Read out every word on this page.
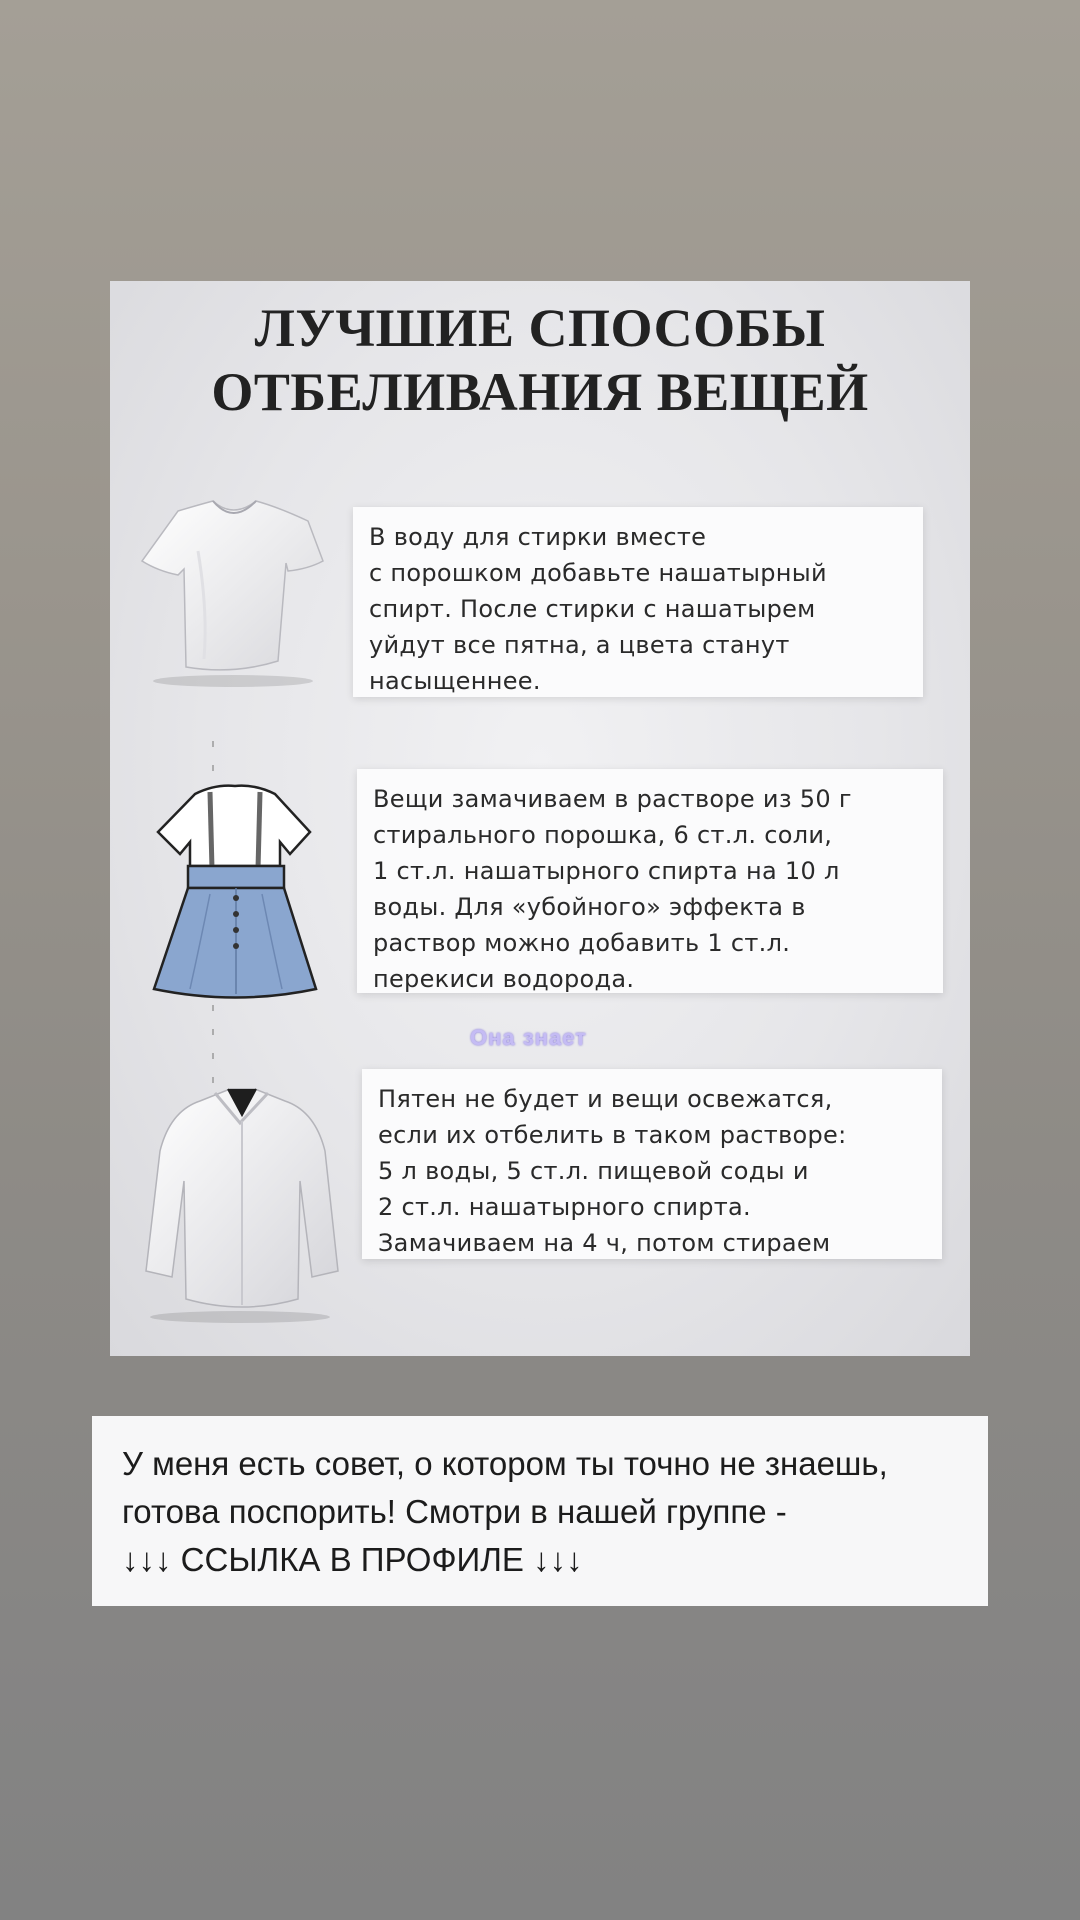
ЛУЧШИЕ СПОСОБЫ
ОТБЕЛИВАНИЯ ВЕЩЕЙ
В воду для стирки вместе
с порошком добавьте нашатырный
спирт. После стирки с нашатырем
уйдут все пятна, а цвета станут
насыщеннее.
Вещи замачиваем в растворе из 50 г
стирального порошка, 6 ст.л. соли,
1 ст.л. нашатырного спирта на 10 л
воды. Для «убойного» эффекта в
раствор можно добавить 1 ст.л.
перекиси водорода.
Пятен не будет и вещи освежатся,
если их отбелить в таком растворе:
5 л воды, 5 ст.л. пищевой соды и
2 ст.л. нашатырного спирта.
Замачиваем на 4 ч, потом стираем
Она знает
У меня есть совет, о котором ты точно не знаешь,
готова поспорить! Смотри в нашей группе -
↓↓↓ ССЫЛКА В ПРОФИЛЕ ↓↓↓
